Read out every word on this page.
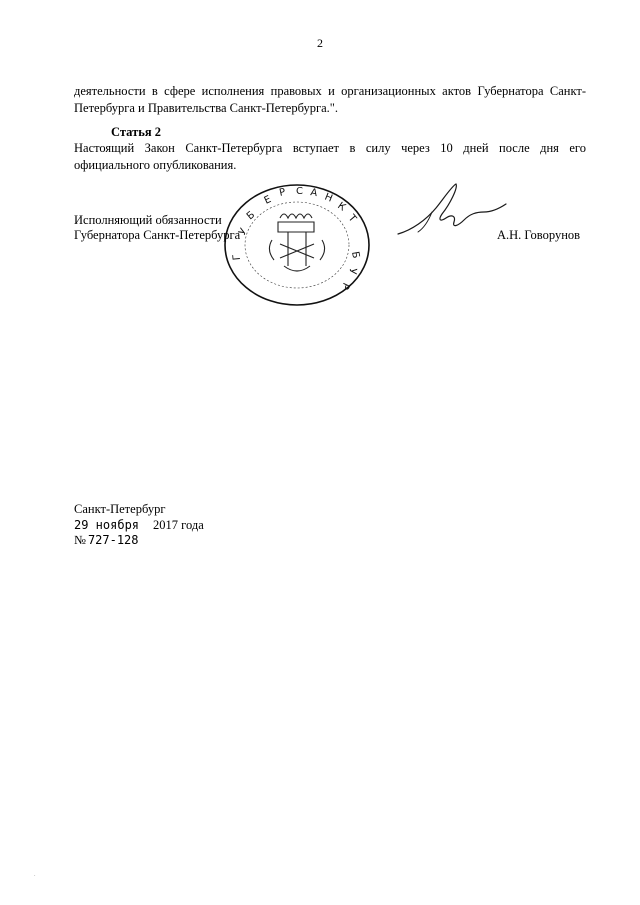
2
деятельности в сфере исполнения правовых и организационных актов Губернатора Санкт-
Петербурга и Правительства Санкт-Петербурга.".
Статья 2
Настоящий Закон Санкт-Петербурга вступает в силу через 10 дней после дня его
официального опубликования.
Б
У
Е
Р С А Н
К
Т
Б
У
Р
Г
Исполняющий обязанности
Губернатора Санкт-Петербурга	А.Н. Говорунов
Санкт-Петербург
29 ноября 2017 года
№ 727-128
.
